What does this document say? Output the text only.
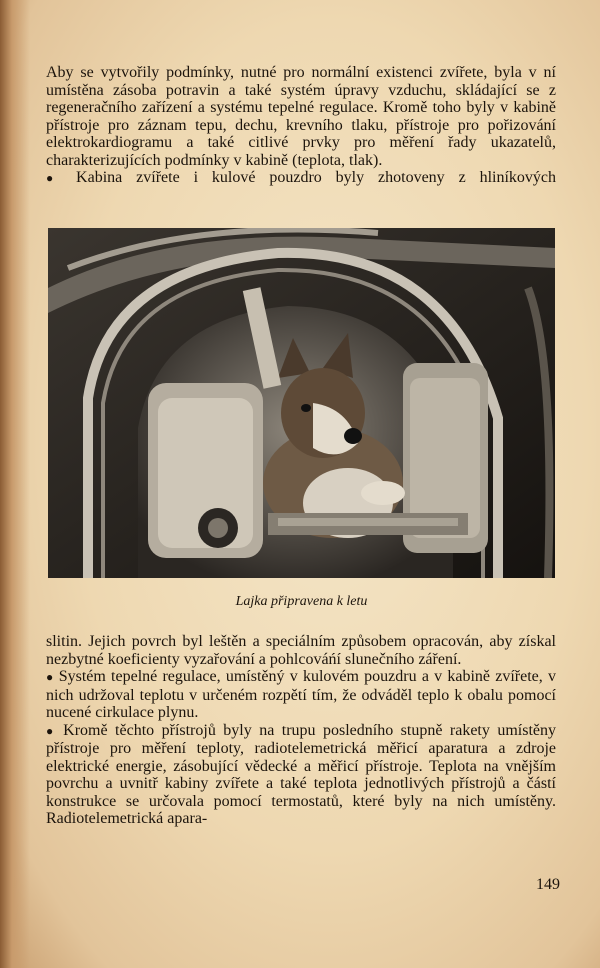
Aby se vytvořily podmínky, nutné pro normální existenci zvířete, byla v ní umístěna zásoba potravin a také systém úpravy vzduchu, skládající se z regeneračního zařízení a systému tepelné regulace. Kromě toho byly v kabině přístroje pro záznam tepu, dechu, krevního tlaku, přístroje pro pořizování elektrokardiogramu a také citlivé prvky pro měření řady ukazatelů, charakterizujících podmínky v kabině (teplota, tlak).

● Kabina zvířete i kulové pouzdro byly zhotoveny z hliníkových

Lajka připravena k letu

slitin. Jejich povrch byl leštěn a speciálním způsobem opracován, aby získal nezbytné koeficienty vyzařování a pohlcováńí slunečního záření.

● Systém tepelné regulace, umístěný v kulovém pouzdru a v kabině zvířete, v nich udržoval teplotu v určeném rozpětí tím, že odváděl teplo k obalu pomocí nucené cirkulace plynu.

● Kromě těchto přístrojů byly na trupu posledního stupně rakety umístěny přístroje pro měření teploty, radiotelemetrická měřicí aparatura a zdroje elektrické energie, zásobující vědecké a měřicí přístroje. Teplota na vnějším povrchu a uvnitř kabiny zvířete a také teplota jednotlivých přístrojů a částí konstrukce se určovala pomocí termostatů, které byly na nich umístěny. Radiotelemetrická apara-

149
